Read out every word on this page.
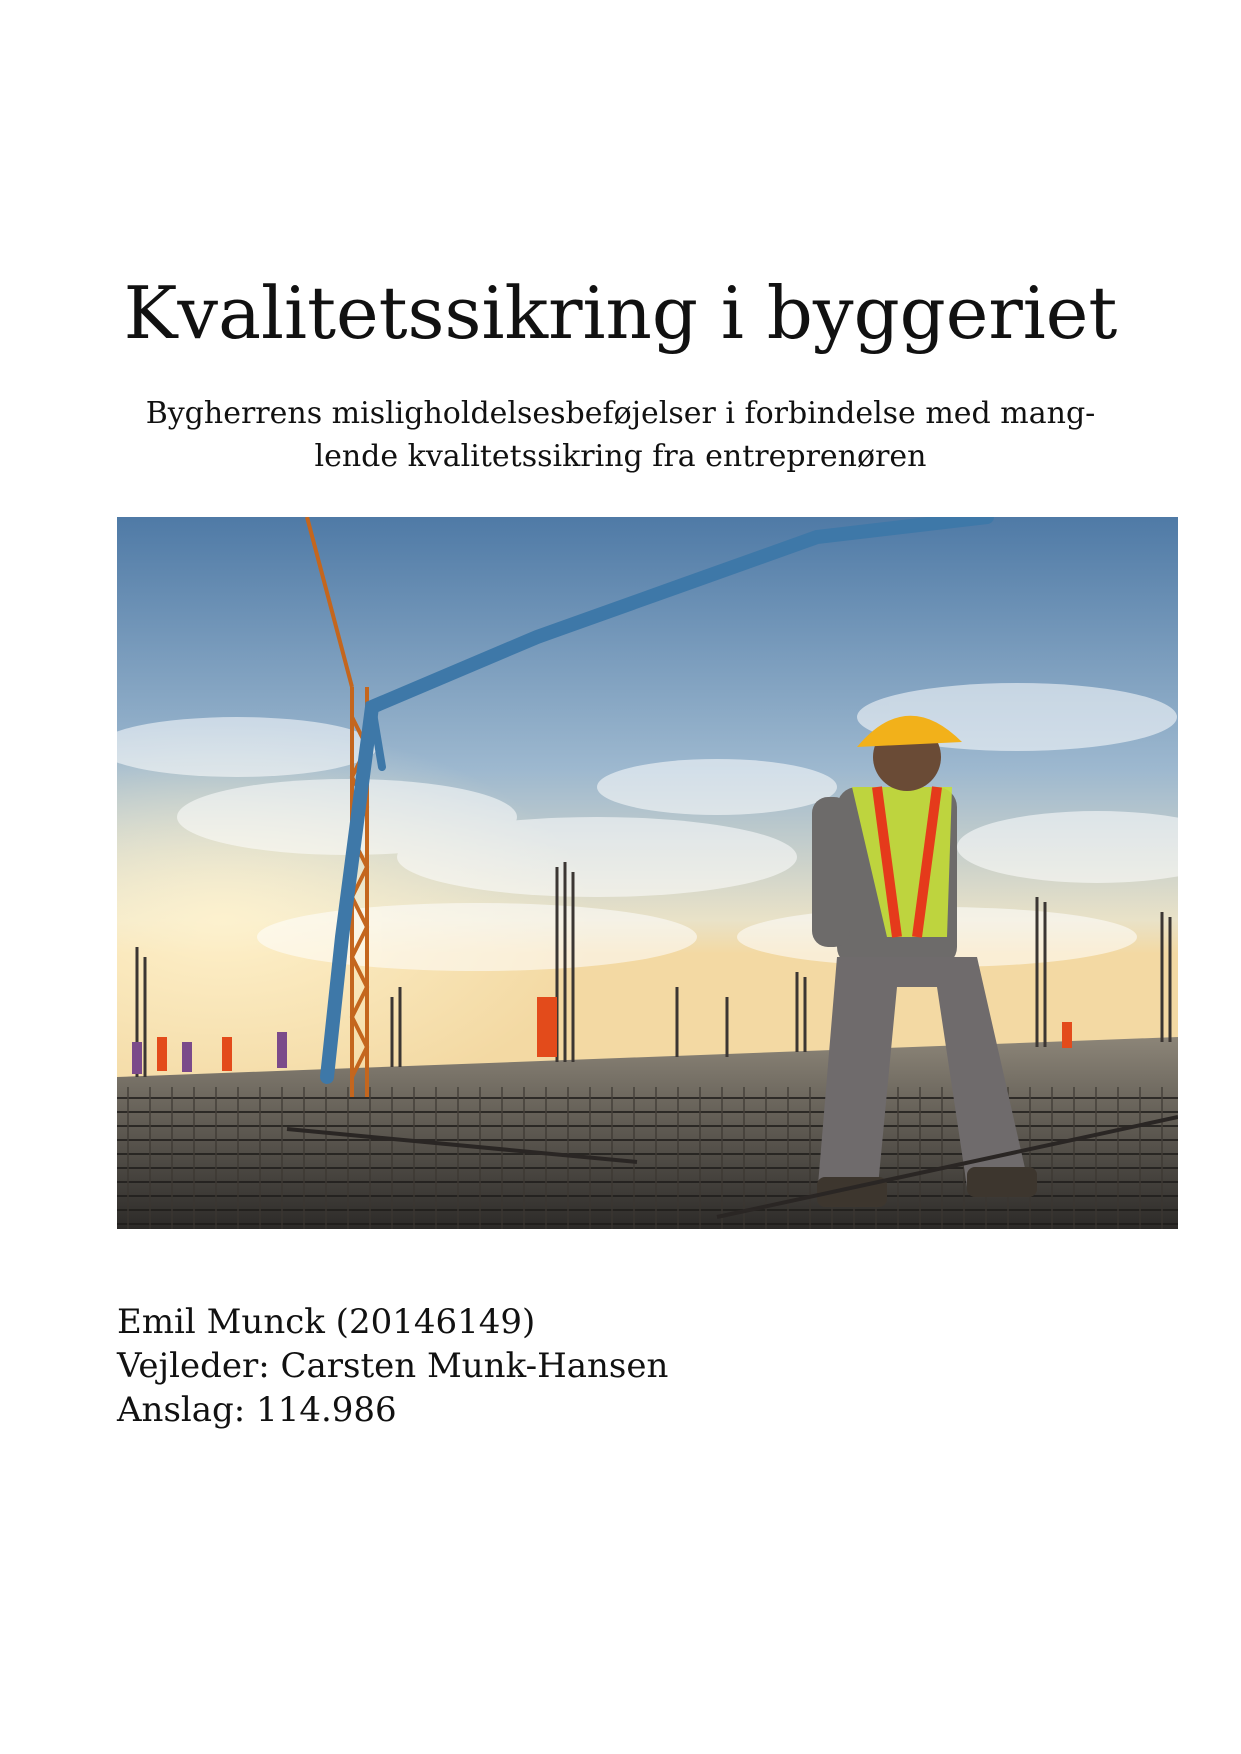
Kvalitetssikring i byggeriet
Bygherrens misligholdelsesbeføjelser i forbindelse med mang-
lende kvalitetssikring fra entreprenøren
Emil Munck (20146149)
Vejleder: Carsten Munk-Hansen
Anslag: 114.986
